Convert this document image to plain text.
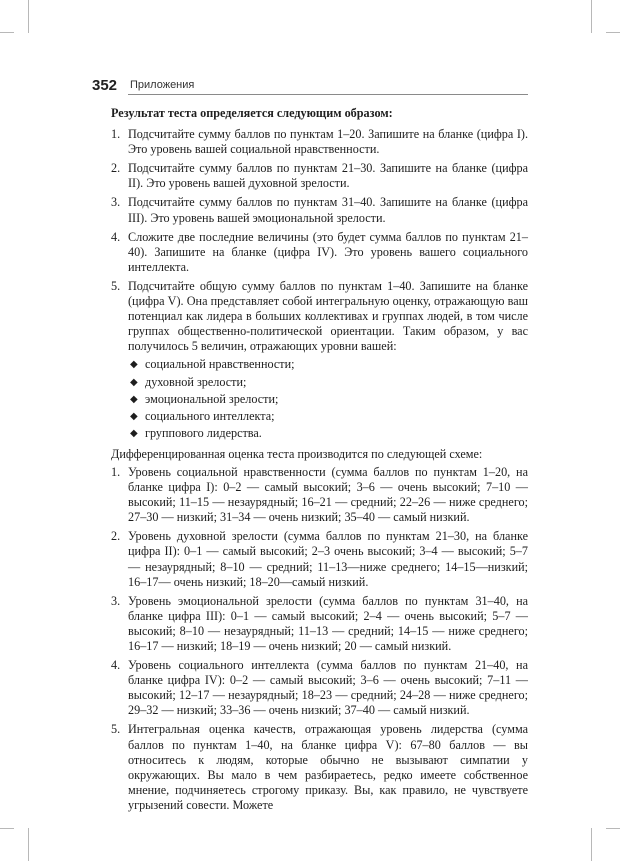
352 Приложения

Результат теста определяется следующим образом:

1. Подсчитайте сумму баллов по пунктам 1–20. Запишите на бланке (цифра I). Это уровень вашей социальной нравственности.
2. Подсчитайте сумму баллов по пунктам 21–30. Запишите на бланке (цифра II). Это уровень вашей духовной зрелости.
3. Подсчитайте сумму баллов по пунктам 31–40. Запишите на бланке (цифра III). Это уровень вашей эмоциональной зрелости.
4. Сложите две последние величины (это будет сумма баллов по пунктам 21–40). Запишите на бланке (цифра IV). Это уровень вашего социального интеллекта.
5. Подсчитайте общую сумму баллов по пунктам 1–40. Запишите на бланке (цифра V). Она представляет собой интегральную оценку, отражающую ваш потенциал как лидера в больших коллективах и группах людей, в том числе группах общественно-политической ориентации. Таким образом, у вас получилось 5 величин, отражающих уровни вашей:
◆ социальной нравственности;
◆ духовной зрелости;
◆ эмоциональной зрелости;
◆ социального интеллекта;
◆ группового лидерства.

Дифференцированная оценка теста производится по следующей схеме:

1. Уровень социальной нравственности (сумма баллов по пунктам 1–20, на бланке цифра I): 0–2 — самый высокий; 3–6 — очень высокий; 7–10 — высокий; 11–15 — незаурядный; 16–21 — средний; 22–26 — ниже среднего; 27–30 — низкий; 31–34 — очень низкий; 35–40 — самый низкий.
2. Уровень духовной зрелости (сумма баллов по пунктам 21–30, на бланке цифра II): 0–1 — самый высокий; 2–3 очень высокий; 3–4 — высокий; 5–7 — незаурядный; 8–10 — средний; 11–13—ниже среднего; 14–15—низкий; 16–17— очень низкий; 18–20—самый низкий.
3. Уровень эмоциональной зрелости (сумма баллов по пунктам 31–40, на бланке цифра III): 0–1 — самый высокий; 2–4 — очень высокий; 5–7 — высокий; 8–10 — незаурядный; 11–13 — средний; 14–15 — ниже среднего; 16–17 — низкий; 18–19 — очень низкий; 20 — самый низкий.
4. Уровень социального интеллекта (сумма баллов по пунктам 21–40, на бланке цифра IV): 0–2 — самый высокий; 3–6 — очень высокий; 7–11 — высокий; 12–17 — незаурядный; 18–23 — средний; 24–28 — ниже среднего; 29–32 — низкий; 33–36 — очень низкий; 37–40 — самый низкий.
5. Интегральная оценка качеств, отражающая уровень лидерства (сумма баллов по пунктам 1–40, на бланке цифра V): 67–80 баллов — вы относитесь к людям, которые обычно не вызывают симпатии у окружающих. Вы мало в чем разбираетесь, редко имеете собственное мнение, подчиняетесь строгому приказу. Вы, как правило, не чувствуете угрызений совести. Можете
